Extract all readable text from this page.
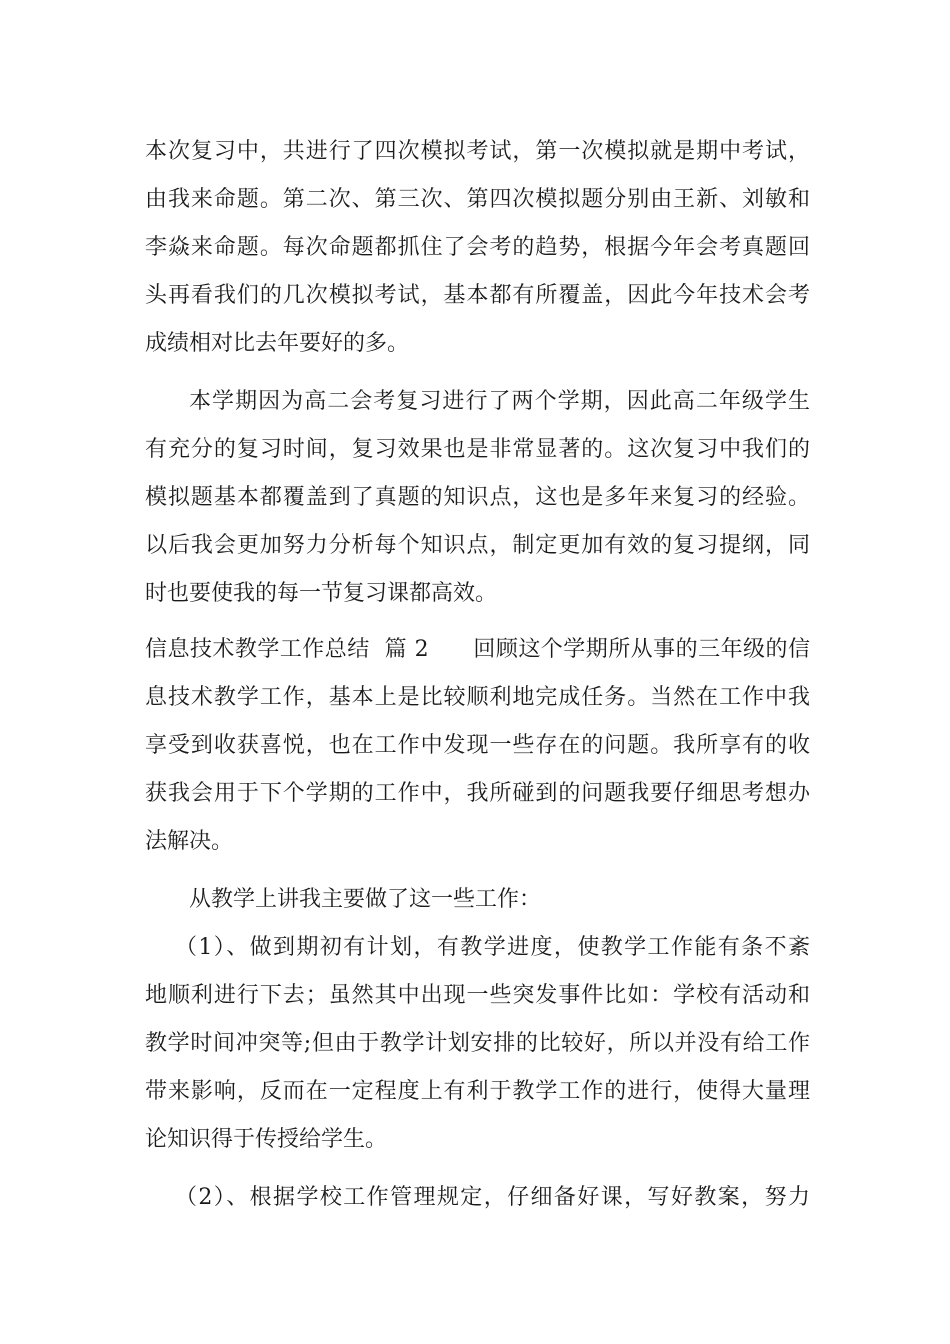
本次复习中，共进行了四次模拟考试，第一次模拟就是期中考试，
由我来命题。第二次、第三次、第四次模拟题分别由王新、刘敏和
李焱来命题。每次命题都抓住了会考的趋势，根据今年会考真题回
头再看我们的几次模拟考试，基本都有所覆盖，因此今年技术会考
成绩相对比去年要好的多。
本学期因为高二会考复习进行了两个学期，因此高二年级学生
有充分的复习时间，复习效果也是非常显著的。这次复习中我们的
模拟题基本都覆盖到了真题的知识点，这也是多年来复习的经验。
以后我会更加努力分析每个知识点，制定更加有效的复习提纲，同
时也要使我的每一节复习课都高效。
信息技术教学工作总结  篇 2      回顾这个学期所从事的三年级的信
息技术教学工作，基本上是比较顺利地完成任务。当然在工作中我
享受到收获喜悦，也在工作中发现一些存在的问题。我所享有的收
获我会用于下个学期的工作中，我所碰到的问题我要仔细思考想办
法解决。
从教学上讲我主要做了这一些工作：
（1）、做到期初有计划，有教学进度，使教学工作能有条不紊
地顺利进行下去；虽然其中出现一些突发事件比如：学校有活动和
教学时间冲突等;但由于教学计划安排的比较好，所以并没有给工作
带来影响，反而在一定程度上有利于教学工作的进行，使得大量理
论知识得于传授给学生。
（2）、根据学校工作管理规定，仔细备好课，写好教案，努力
